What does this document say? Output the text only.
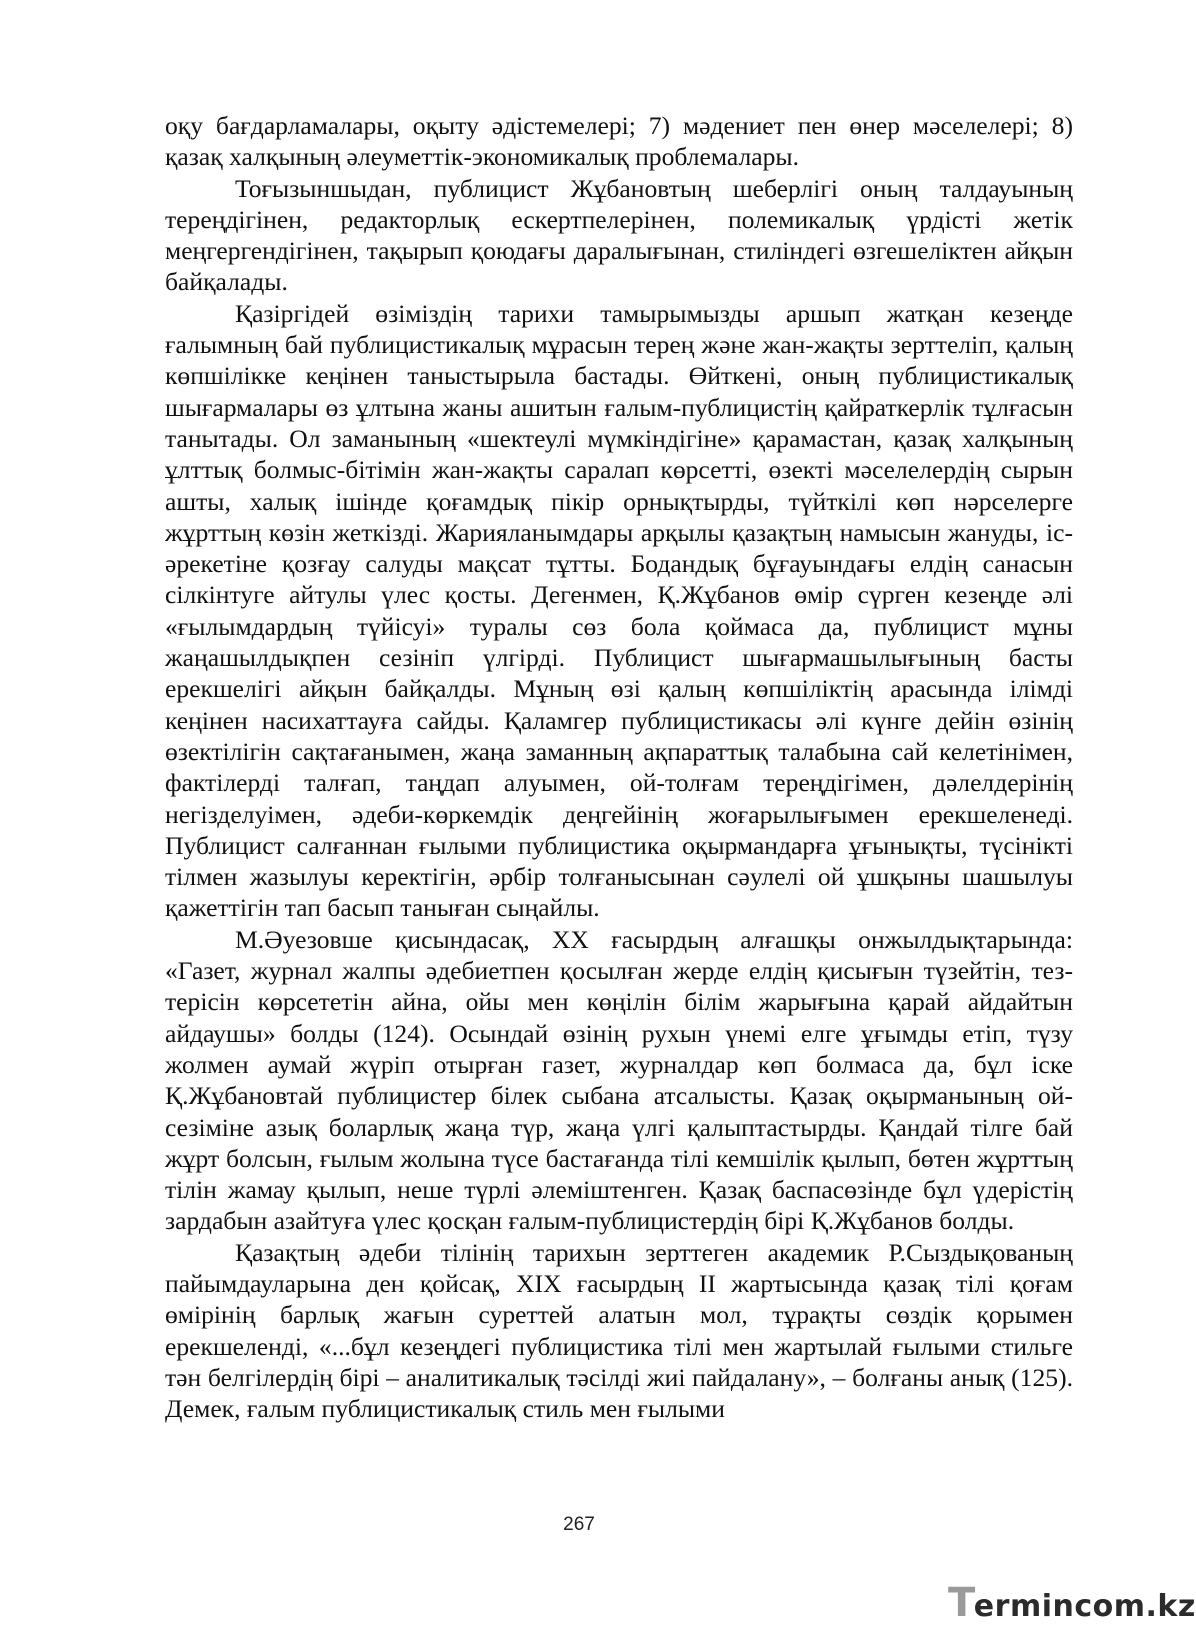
оқу бағдарламалары, оқыту әдістемелері; 7) мәдениет пен өнер мәселелері; 8) қазақ халқының әлеуметтік-экономикалық проблемалары.

Тоғызыншыдан, публицист Жұбановтың шеберлігі оның талдауының тереңдігінен, редакторлық ескертпелерінен, полемикалық үрдісті жетік меңгергендігінен, тақырып қоюдағы даралығынан, стиліндегі өзгешеліктен айқын байқалады.

Қазіргідей өзіміздің тарихи тамырымызды аршып жатқан кезеңде ғалымның бай публицистикалық мұрасын терең және жан-жақты зерттеліп, қалың көпшілікке кеңінен таныстырыла бастады. Өйткені, оның публицистикалық шығармалары өз ұлтына жаны ашитын ғалым-публицистің қайраткерлік тұлғасын танытады. Ол заманының «шектеулі мүмкіндігіне» қарамастан, қазақ халқының ұлттық болмыс-бітімін жан-жақты саралап көрсетті, өзекті мәселелердің сырын ашты, халық ішінде қоғамдық пікір орнықтырды, түйткілі көп нәрселерге жұрттың көзін жеткізді. Жарияланымдары арқылы қазақтың намысын жануды, іс-әрекетіне қозғау салуды мақсат тұтты. Бодандық бұғауындағы елдің санасын сілкінтуге айтулы үлес қосты. Дегенмен, Қ.Жұбанов өмір сүрген кезеңде әлі «ғылымдардың түйісуі» туралы сөз бола қоймаса да, публицист мұны жаңашылдықпен сезініп үлгірді. Публицист шығармашылығының басты ерекшелігі айқын байқалды. Мұның өзі қалың көпшіліктің арасында ілімді кеңінен насихаттауға сайды. Қаламгер публицистикасы әлі күнге дейін өзінің өзектілігін сақтағанымен, жаңа заманның ақпараттық талабына сай келетінімен, фактілерді талғап, таңдап алуымен, ой-толғам тереңдігімен, дәлелдерінің негізделуімен, әдеби-көркемдік деңгейінің жоғарылығымен ерекшеленеді. Публицист салғаннан ғылыми публицистика оқырмандарға ұғынықты, түсінікті тілмен жазылуы керектігін, әрбір толғанысынан сәулелі ой ұшқыны шашылуы қажеттігін тап басып таныған сыңайлы.

М.Әуезовше қисындасақ, XX ғасырдың алғашқы онжылдықтарында: «Газет, журнал жалпы әдебиетпен қосылған жерде елдің қисығын түзейтін, тез-терісін көрсететін айна, ойы мен көңілін білім жарығына қарай айдайтын айдаушы» болды (124). Осындай өзінің рухын үнемі елге ұғымды етіп, түзу жолмен аумай жүріп отырған газет, журналдар көп болмаса да, бұл іске Қ.Жұбановтай публицистер білек сыбана атсалысты. Қазақ оқырманының ой-сезіміне азық боларлық жаңа түр, жаңа үлгі қалыптастырды. Қандай тілге бай жұрт болсын, ғылым жолына түсе бастағанда тілі кемшілік қылып, бөтен жұрттың тілін жамау қылып, неше түрлі әлеміштенген. Қазақ баспасөзінде бұл үдерістің зардабын азайтуға үлес қосқан ғалым-публицистердің бірі Қ.Жұбанов болды.

Қазақтың әдеби тілінің тарихын зерттеген академик Р.Сыздықованың пайымдауларына ден қойсақ, XIX ғасырдың II жартысында қазақ тілі қоғам өмірінің барлық жағын суреттей алатын мол, тұрақты сөздік қорымен ерекшеленді, «...бұл кезеңдегі публицистика тілі мен жартылай ғылыми стильге тән белгілердің бірі – аналитикалық тәсілді жиі пайдалану», – болғаны анық (125). Демек, ғалым публицистикалық стиль мен ғылыми

267
Termincom.kz
